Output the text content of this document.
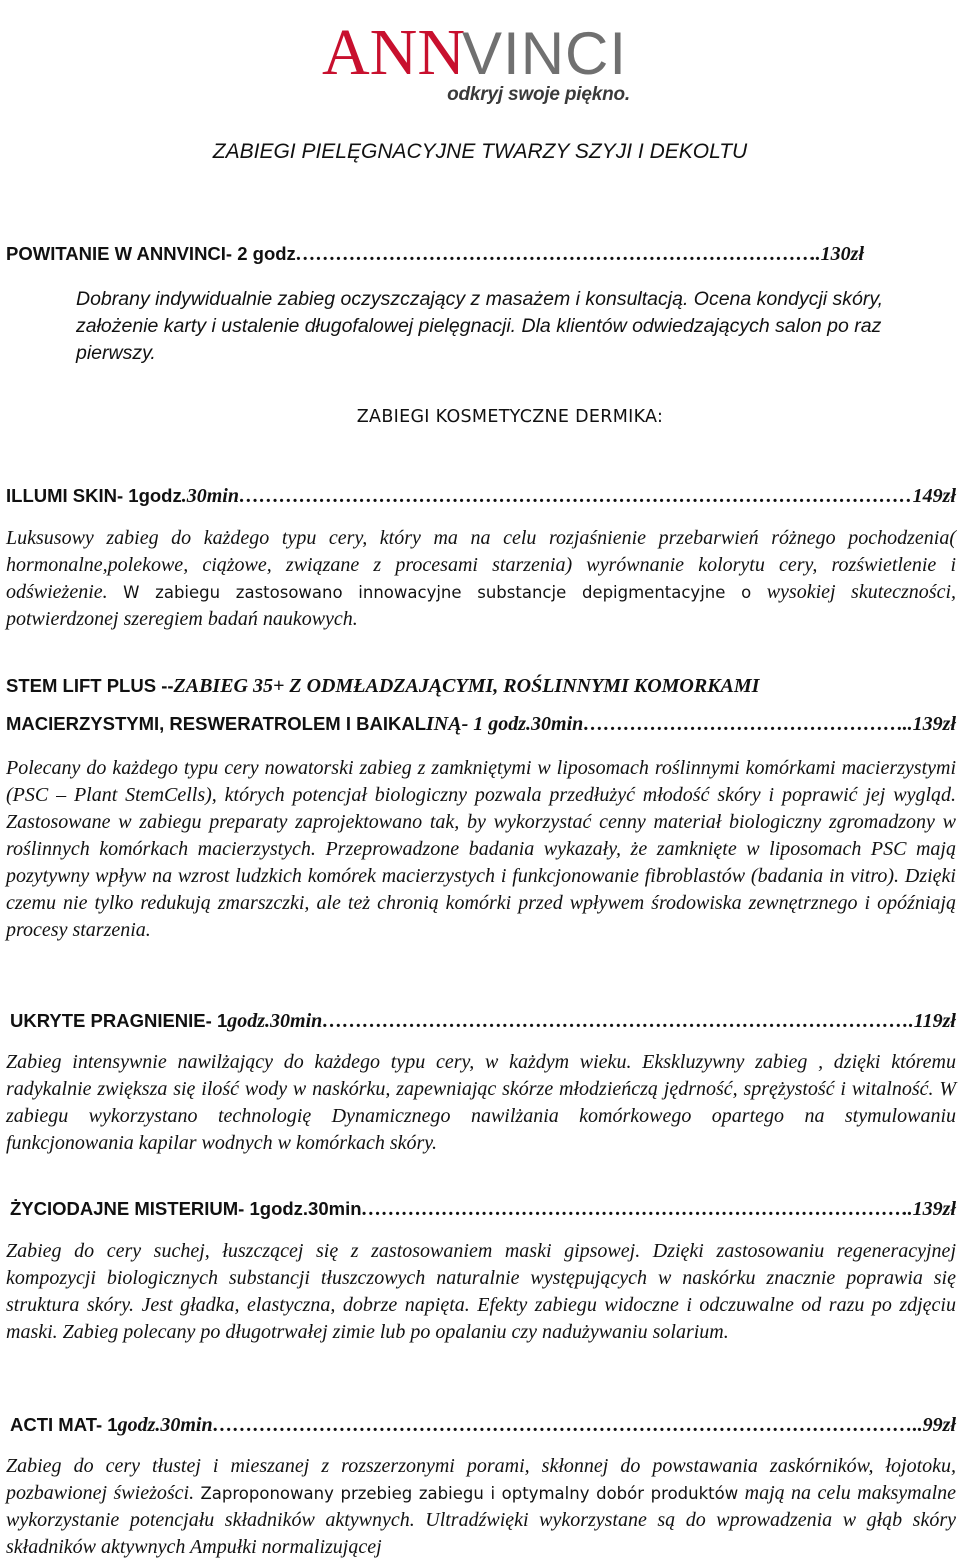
ANN
VINCI
odkryj swoje piękno.
ZABIEGI PIELĘGNACYJNE TWARZY SZYJI I DEKOLTU
POWITANIE W ANNVINCI- 2 godz ……………………………………………………………………………………………………………………………………………………………	..130zł
Dobrany indywidualnie zabieg oczyszczający z masażem i konsultacją. Ocena kondycji skóry, założenie karty i ustalenie długofalowej pielęgnacji. Dla klientów odwiedzających salon po raz pierwszy.
ZABIEGI KOSMETYCZNE DERMIKA:
ILLUMI SKIN- 1godz .30min ……………………………………………………………………………………………………………………………………………………………	149zł
Luksusowy zabieg do każdego typu cery, który ma na celu rozjaśnienie przebarwień różnego pochodzenia( hormonalne,polekowe, ciążowe, związane z procesami starzenia) wyrównanie kolorytu cery, rozświetlenie i odświeżenie. W zabiegu zastosowano innowacyjne substancje depigmentacyjne o wysokiej skuteczności, potwierdzonej szeregiem badań naukowych.
STEM LIFT PLUS --ZABIEG 35+ Z ODMŁADZAJĄCYMI, ROŚLINNYMI KOMORKAMI
MACIERZYSTYMI, RESWERATROLEM I BAIKAL INĄ- 1 godz.30min ……………………………………………………………………………………………………………………………………………………………	..139zł
Polecany do każdego typu cery nowatorski zabieg z zamkniętymi w liposomach roślinnymi komórkami macierzystymi (PSC – Plant StemCells), których potencjał biologiczny pozwala przedłużyć młodość skóry i poprawić jej wygląd. Zastosowane w zabiegu preparaty zaprojektowano tak, by wykorzystać cenny materiał biologiczny zgromadzony w roślinnych komórkach macierzystych. Przeprowadzone badania wykazały, że zamknięte w liposomach PSC mają pozytywny wpływ na wzrost ludzkich komórek macierzystych i funkcjonowanie fibroblastów (badania in vitro). Dzięki czemu nie tylko redukują zmarszczki, ale też chronią komórki przed wpływem środowiska zewnętrznego i opóźniają procesy starzenia.
UKRYTE PRAGNIENIE- 1 godz.30min ……………………………………………………………………………………………………………………………………………………………	.119zł
Zabieg intensywnie nawilżający do każdego typu cery, w każdym wieku. Ekskluzywny zabieg , dzięki któremu radykalnie zwiększa się ilość wody w naskórku, zapewniając skórze młodzieńczą jędrność, sprężystość i witalność. W zabiegu wykorzystano technologię Dynamicznego nawilżania komórkowego opartego na stymulowaniu funkcjonowania kapilar wodnych w komórkach skóry.
ŻYCIODAJNE MISTERIUM- 1godz.30min ……………………………………………………………………………………………………………………………………………………………	..139zł
Zabieg do cery suchej, łuszczącej się z zastosowaniem maski gipsowej. Dzięki zastosowaniu regeneracyjnej kompozycji biologicznych substancji tłuszczowych naturalnie występujących w naskórku znacznie poprawia się struktura skóry. Jest gładka, elastyczna, dobrze napięta. Efekty zabiegu widoczne i odczuwalne od razu po zdjęciu maski. Zabieg polecany po długotrwałej zimie lub po opalaniu czy nadużywaniu solarium.
ACTI MAT- 1 godz.30min ……………………………………………………………………………………………………………………………………………………………	..99zł
Zabieg do cery tłustej i mieszanej z rozszerzonymi porami, skłonnej do powstawania zaskórników, łojotoku, pozbawionej świeżości. Zaproponowany przebieg zabiegu i optymalny dobór produktów mają na celu maksymalne wykorzystanie potencjału składników aktywnych. Ultradźwięki wykorzystane są do wprowadzenia w głąb skóry składników aktywnych Ampułki normalizującej
